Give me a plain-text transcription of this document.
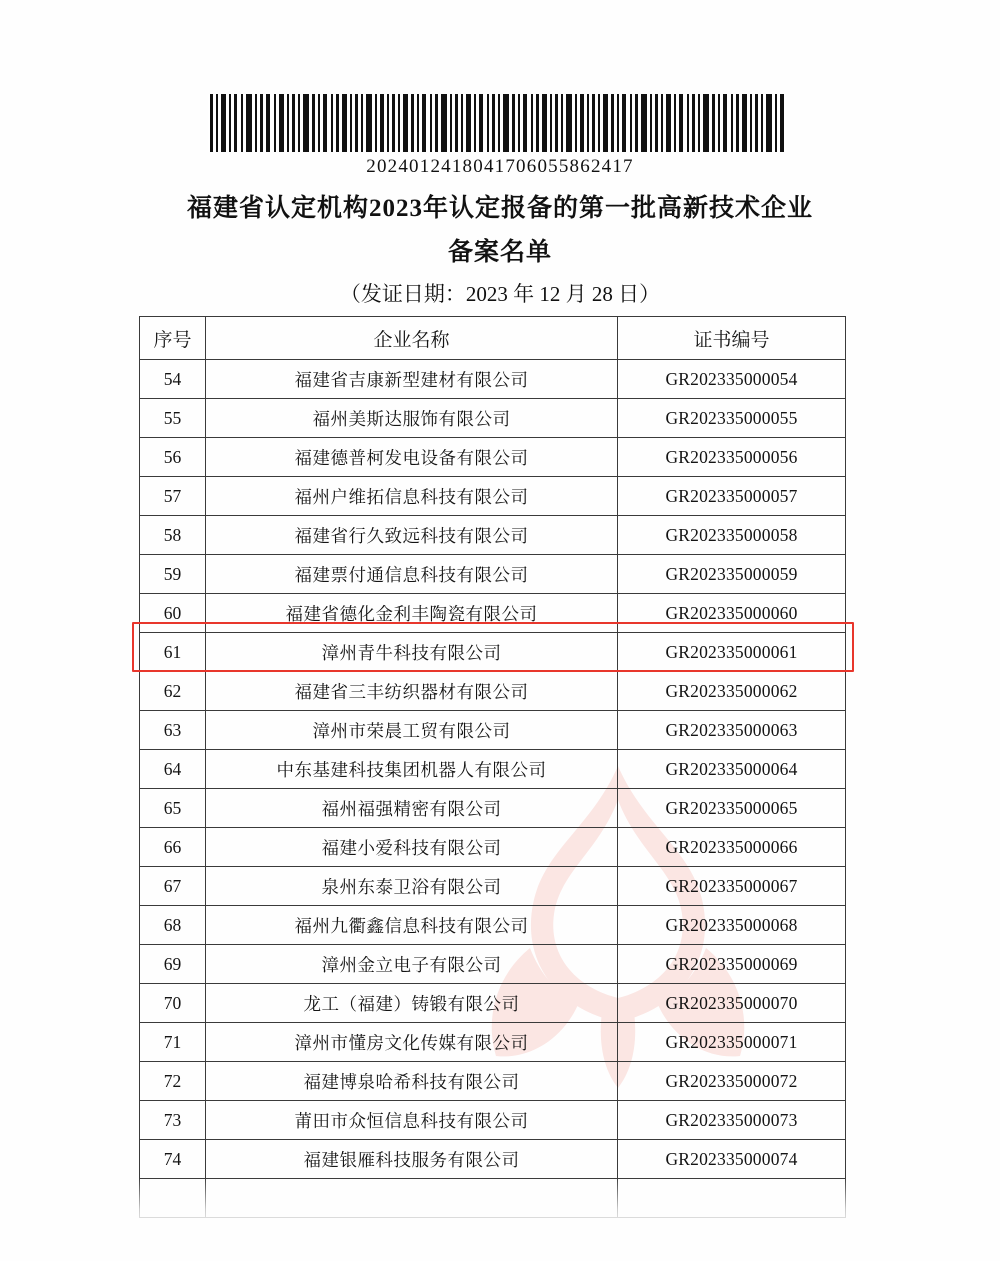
2024012418041706055862417
福建省认定机构2023年认定报备的第一批高新技术企业
备案名单
（发证日期：2023 年 12 月 28 日）
序号	企业名称	证书编号
54	福建省吉康新型建材有限公司	GR202335000054
55	福州美斯达服饰有限公司	GR202335000055
56	福建德普柯发电设备有限公司	GR202335000056
57	福州户维拓信息科技有限公司	GR202335000057
58	福建省行久致远科技有限公司	GR202335000058
59	福建票付通信息科技有限公司	GR202335000059
60	福建省德化金利丰陶瓷有限公司	GR202335000060
61	漳州青牛科技有限公司	GR202335000061
62	福建省三丰纺织器材有限公司	GR202335000062
63	漳州市荣晨工贸有限公司	GR202335000063
64	中东基建科技集团机器人有限公司	GR202335000064
65	福州福强精密有限公司	GR202335000065
66	福建小爱科技有限公司	GR202335000066
67	泉州东泰卫浴有限公司	GR202335000067
68	福州九衢鑫信息科技有限公司	GR202335000068
69	漳州金立电子有限公司	GR202335000069
70	龙工（福建）铸锻有限公司	GR202335000070
71	漳州市懂房文化传媒有限公司	GR202335000071
72	福建博泉哈希科技有限公司	GR202335000072
73	莆田市众恒信息科技有限公司	GR202335000073
74	福建银雁科技服务有限公司	GR202335000074
